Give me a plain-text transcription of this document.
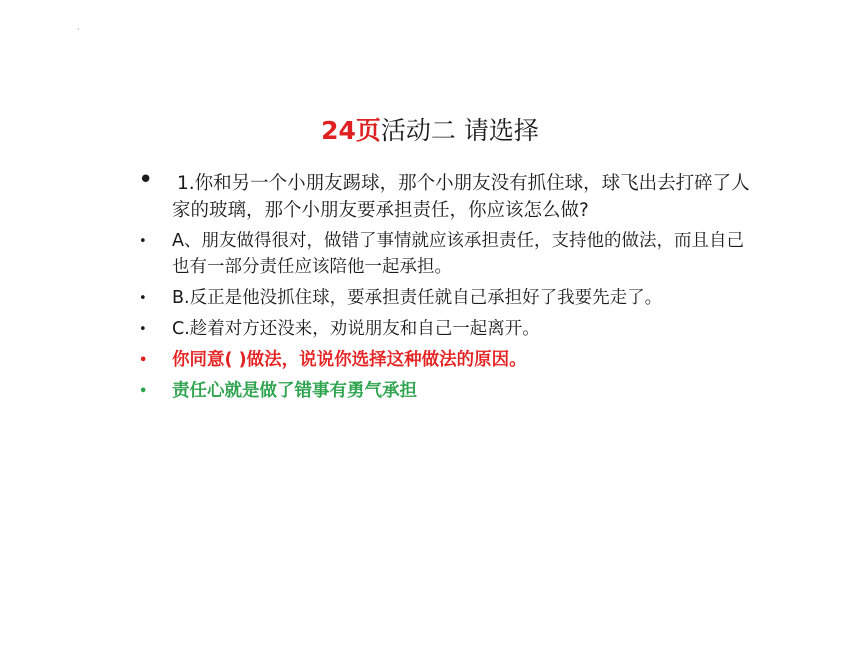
·
24页活动二 请选择
• 1.你和另一个小朋友踢球，那个小朋友没有抓住球，球飞出去打碎了人家的玻璃，那个小朋友要承担责任，你应该怎么做?
•	A、朋友做得很对，做错了事情就应该承担责任，支持他的做法，而且自己也有一部分责任应该陪他一起承担。
•	B.反正是他没抓住球，要承担责任就自己承担好了我要先走了。
•	C.趁着对方还没来，劝说朋友和自己一起离开。
•	你同意( )做法，说说你选择这种做法的原因。
•	责任心就是做了错事有勇气承担
